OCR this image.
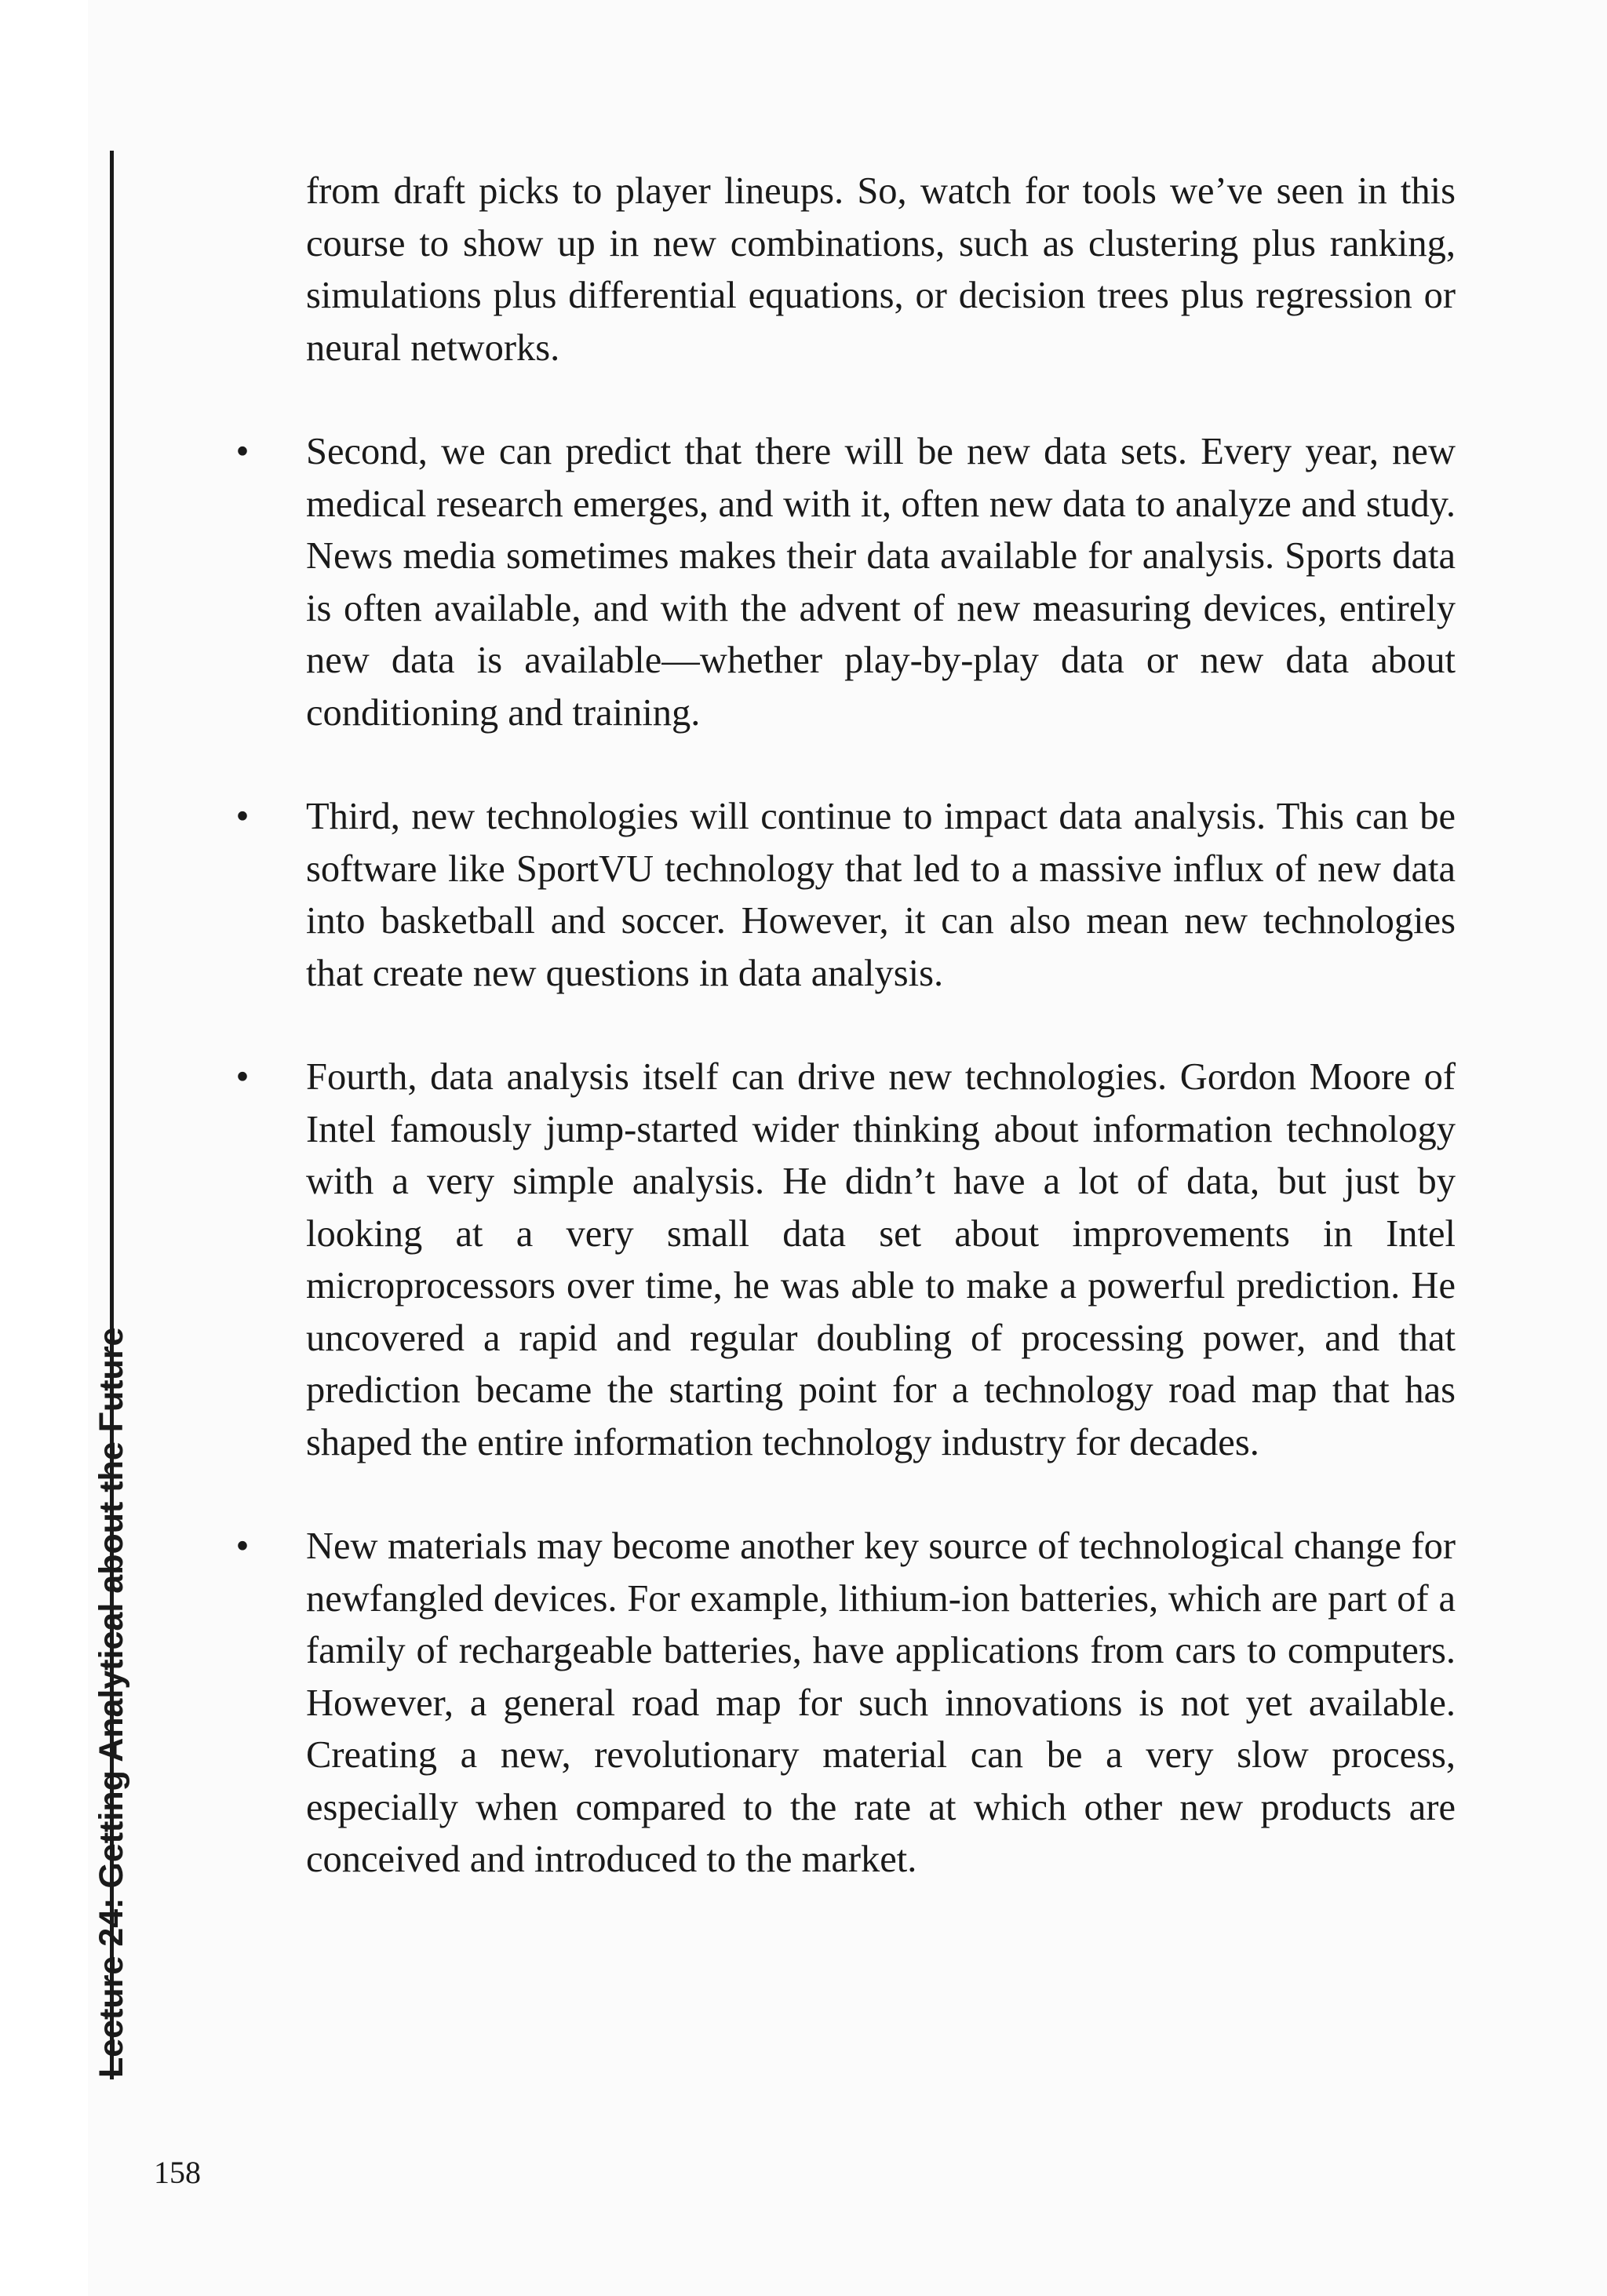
Lecture 24: Getting Analytical about the Future

from draft picks to player lineups. So, watch for tools we’ve seen in this course to show up in new combinations, such as clustering plus ranking, simulations plus differential equations, or decision trees plus regression or neural networks.

• Second, we can predict that there will be new data sets. Every year, new medical research emerges, and with it, often new data to analyze and study. News media sometimes makes their data available for analysis. Sports data is often available, and with the advent of new measuring devices, entirely new data is available—whether play-by-play data or new data about conditioning and training.

• Third, new technologies will continue to impact data analysis. This can be software like SportVU technology that led to a massive influx of new data into basketball and soccer. However, it can also mean new technologies that create new questions in data analysis.

• Fourth, data analysis itself can drive new technologies. Gordon Moore of Intel famously jump-started wider thinking about information technology with a very simple analysis. He didn’t have a lot of data, but just by looking at a very small data set about improvements in Intel microprocessors over time, he was able to make a powerful prediction. He uncovered a rapid and regular doubling of processing power, and that prediction became the starting point for a technology road map that has shaped the entire information technology industry for decades.

• New materials may become another key source of technological change for newfangled devices. For example, lithium-ion batteries, which are part of a family of rechargeable batteries, have applications from cars to computers. However, a general road map for such innovations is not yet available. Creating a new, revolutionary material can be a very slow process, especially when compared to the rate at which other new products are conceived and introduced to the market.

158
